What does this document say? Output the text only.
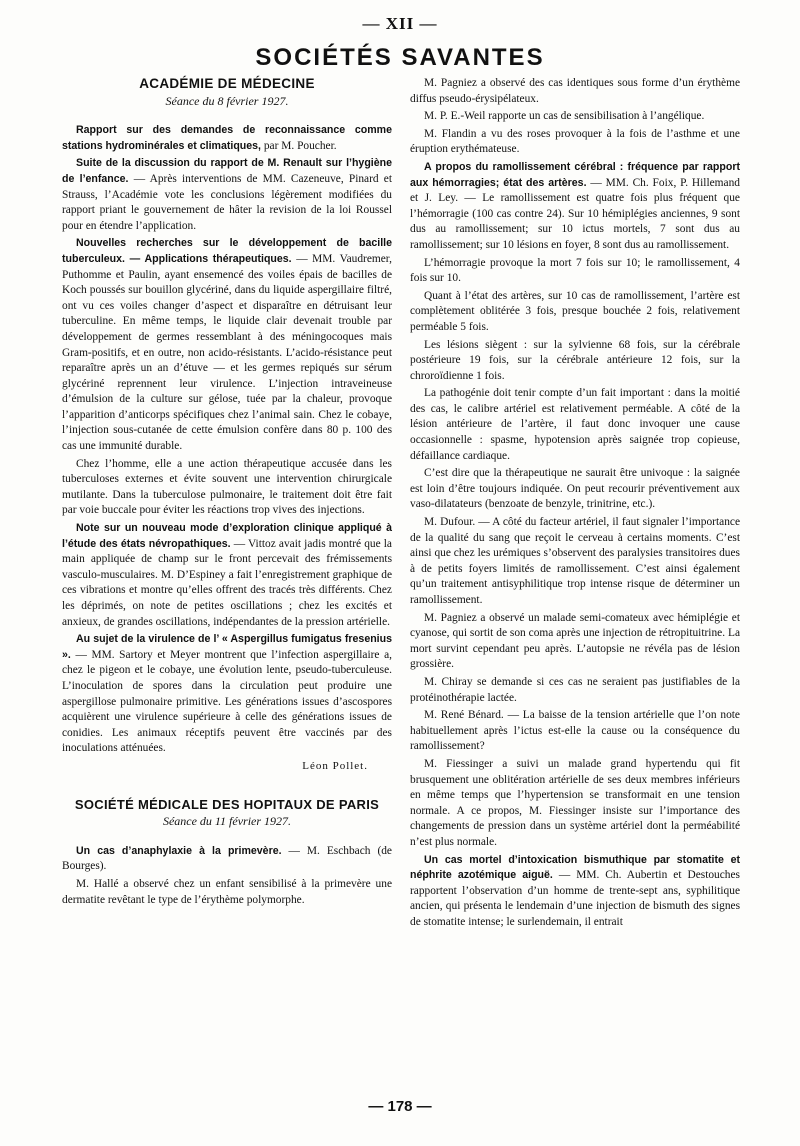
— XII —
SOCIÉTÉS SAVANTES
ACADÉMIE DE MÉDECINE
Séance du 8 février 1927.

Rapport sur des demandes de reconnaissance comme stations hydrominérales et climatiques, par M. Poucher.

Suite de la discussion du rapport de M. Renault sur l’hygiène de l’enfance. — Après interventions de MM. Cazeneuve, Pinard et Strauss, l’Académie vote les conclusions légèrement modifiées du rapport priant le gouvernement de hâter la revision de la loi Roussel pour en étendre l’application.

Nouvelles recherches sur le développement de bacille tuberculeux. — Applications thérapeutiques. — MM. Vaudremer, Puthomme et Paulin, ayant ensemencé des voiles épais de bacilles de Koch poussés sur bouillon glycériné, dans du liquide aspergillaire filtré, ont vu ces voiles changer d’aspect et disparaître en détruisant leur tuberculine. En même temps, le liquide clair devenait trouble par développement de germes ressemblant à des méningocoques mais Gram-positifs, et en outre, non acido-résistants. L’acido-résistance peut reparaître après un an d’étuve — et les germes repiqués sur sérum glycériné reprennent leur virulence. L’injection intraveineuse d’émulsion de la culture sur gélose, tuée par la chaleur, provoque l’apparition d’anticorps spécifiques chez l’animal sain. Chez le cobaye, l’injection sous-cutanée de cette émulsion confère dans 80 p. 100 des cas une immunité durable.

Chez l’homme, elle a une action thérapeutique accusée dans les tuberculoses externes et évite souvent une intervention chirurgicale mutilante. Dans la tuberculose pulmonaire, le traitement doit être fait par voie buccale pour éviter les réactions trop vives des injections.

Note sur un nouveau mode d’exploration clinique appliqué à l’étude des états névropathiques. — Vittoz avait jadis montré que la main appliquée de champ sur le front percevait des frémissements vasculo-musculaires. M. D’Espiney a fait l’enregistrement graphique de ces vibrations et montre qu’elles offrent des tracés très différents. Chez les déprimés, on note de petites oscillations ; chez les excités et anxieux, de grandes oscillations, indépendantes de la pression artérielle.

Au sujet de la virulence de l’ « Aspergillus fumigatus fresenius ». — MM. Sartory et Meyer montrent que l’infection aspergillaire a, chez le pigeon et le cobaye, une évolution lente, pseudo-tuberculeuse. L’inoculation de spores dans la circulation peut produire une aspergillose pulmonaire primitive. Les générations issues d’ascospores acquièrent une virulence supérieure à celle des générations issues de conidies. Les animaux réceptifs peuvent être vaccinés par des inoculations atténuées.

Léon Pollet.
SOCIÉTÉ MÉDICALE DES HOPITAUX DE PARIS
Séance du 11 février 1927.

Un cas d’anaphylaxie à la primevère. — M. Eschbach (de Bourges).

M. Hallé a observé chez un enfant sensibilisé à la primevère une dermatite revêtant le type de l’érythème polymorphe.

M. Pagniez a observé des cas identiques sous forme d’un érythème diffus pseudo-érysipélateux.

M. P. E.-Weil rapporte un cas de sensibilisation à l’angélique.

M. Flandin a vu des roses provoquer à la fois de l’asthme et une éruption erythémateuse.

A propos du ramollissement cérébral : fréquence par rapport aux hémorragies; état des artères. — MM. Ch. Foix, P. Hillemand et J. Ley. — Le ramollissement est quatre fois plus fréquent que l’hémorragie (100 cas contre 24). Sur 10 hémiplégies anciennes, 9 sont dus au ramollissement; sur 10 ictus mortels, 7 sont dus au ramollissement; sur 10 lésions en foyer, 8 sont dus au ramollissement.

L’hémorragie provoque la mort 7 fois sur 10; le ramollissement, 4 fois sur 10.

Quant à l’état des artères, sur 10 cas de ramollissement, l’artère est complètement oblitérée 3 fois, presque bouchée 2 fois, relativement perméable 5 fois.

Les lésions siègent : sur la sylvienne 68 fois, sur la cérébrale postérieure 19 fois, sur la cérébrale antérieure 12 fois, sur la chroroïdienne 1 fois.

La pathogénie doit tenir compte d’un fait important : dans la moitié des cas, le calibre artériel est relativement perméable. A côté de la lésion antérieure de l’artère, il faut donc invoquer une cause occasionnelle : spasme, hypotension après saignée trop copieuse, défaillance cardiaque.

C’est dire que la thérapeutique ne saurait être univoque : la saignée est loin d’être toujours indiquée. On peut recourir préventivement aux vaso-dilatateurs (benzoate de benzyle, trinitrine, etc.).

M. Dufour. — A côté du facteur artériel, il faut signaler l’importance de la qualité du sang que reçoit le cerveau à certains moments. C’est ainsi que chez les urémiques s’observent des paralysies transitoires dues à de petits foyers limités de ramollissement. C’est ainsi également qu’un traitement antisyphilitique trop intense risque de déterminer un ramollissement.

M. Pagniez a observé un malade semi-comateux avec hémiplégie et cyanose, qui sortit de son coma après une injection de rétropituitrine. La mort survint cependant peu après. L’autopsie ne révéla pas de lésion grossière.

M. Chiray se demande si ces cas ne seraient pas justifiables de la protéinothérapie lactée.

M. René Bénard. — La baisse de la tension artérielle que l’on note habituellement après l’ictus est-elle la cause ou la conséquence du ramollissement?

M. Fiessinger a suivi un malade grand hypertendu qui fit brusquement une oblitération artérielle de ses deux membres inférieurs en même temps que l’hypertension se transformait en une tension normale. A ce propos, M. Fiessinger insiste sur l’importance des changements de pression dans un système artériel dont la perméabilité n’est plus normale.

Un cas mortel d’intoxication bismuthique par stomatite et néphrite azotémique aiguë. — MM. Ch. Aubertin et Destouches rapportent l’observation d’un homme de trente-sept ans, syphilitique ancien, qui présenta le lendemain d’une injection de bismuth des signes de stomatite intense; le surlendemain, il entrait

— 178 —
